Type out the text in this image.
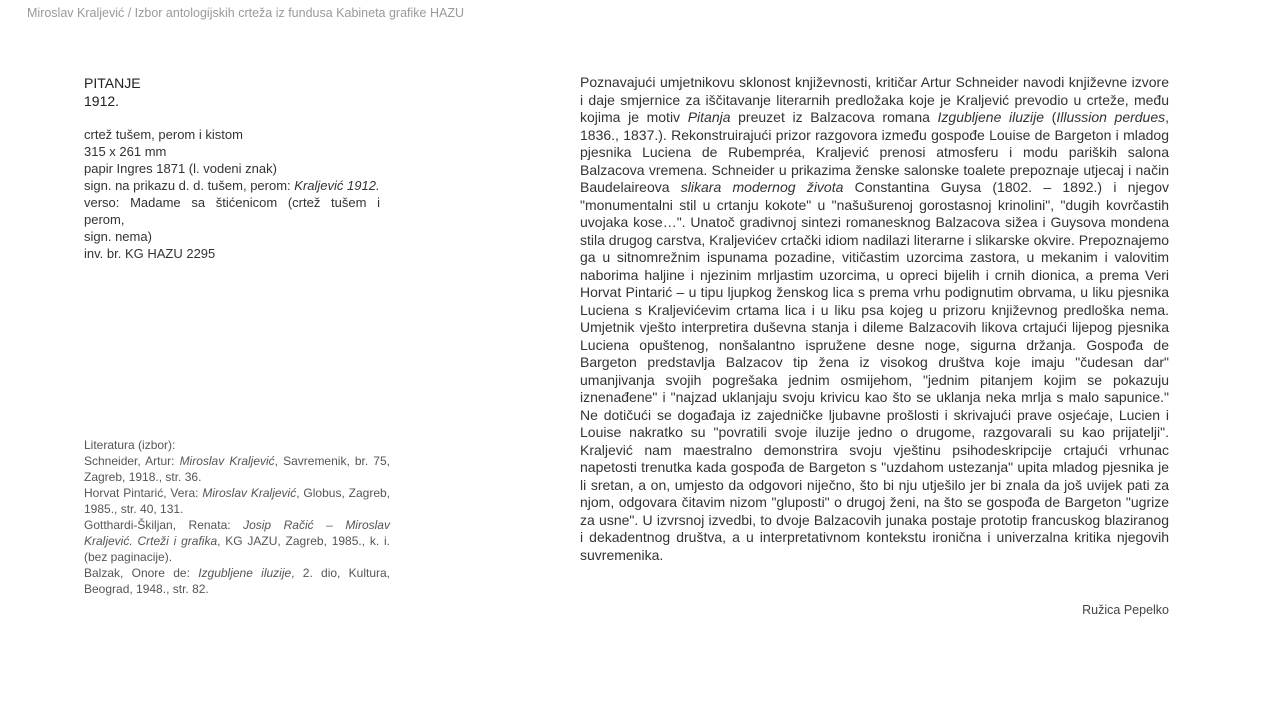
Miroslav Kraljević / Izbor antologijskih crteža iz fundusa Kabineta grafike HAZU
PITANJE
1912.
crtež tušem, perom i kistom
315 x 261 mm
papir Ingres 1871 (l. vodeni znak)
sign. na prikazu d. d. tušem, perom: Kraljević 1912.
verso: Madame sa štićenicom (crtež tušem i perom,
sign. nema)
inv. br. KG HAZU 2295
Literatura (izbor):
Schneider, Artur: Miroslav Kraljević, Savremenik, br. 75, Zagreb, 1918., str. 36.
Horvat Pintarić, Vera: Miroslav Kraljević, Globus, Zagreb, 1985., str. 40, 131.
Gotthardi-Škiljan, Renata: Josip Račić – Miroslav Kraljević. Crteži i grafika, KG JAZU, Zagreb, 1985., k. i. (bez paginacije).
Balzak, Onore de: Izgubljene iluzije, 2. dio, Kultura, Beograd, 1948., str. 82.
Poznavajući umjetnikovu sklonost književnosti, kritičar Artur Schneider navodi književne izvore i daje smjernice za iščitavanje literarnih predložaka koje je Kraljević prevodio u crteže, među kojima je motiv Pitanja preuzet iz Balzacova romana Izgubljene iluzije (Illussion perdues, 1836., 1837.). Rekonstruirajući prizor razgovora između gospođe Louise de Bargeton i mladog pjesnika Luciena de Rubempréa, Kraljević prenosi atmosferu i modu pariških salona Balzacova vremena. Schneider u prikazima ženske salonske toalete prepoznaje utjecaj i način Baudelaireova slikara modernog života Constantina Guysa (1802. – 1892.) i njegov "monumentalni stil u crtanju kokote" u "našušurenoj gorostasnoj krinolini", "dugih kovrčastih uvojaka kose…". Unatoč gradivnoj sintezi romanesknog Balzacova sižea i Guysova mondena stila drugog carstva, Kraljevićev crtački idiom nadilazi literarne i slikarske okvire. Prepoznajemo ga u sitnomrežnim ispunama pozadine, vitičastim uzorcima zastora, u mekanim i valovitim naborima haljine i njezinim mrljastim uzorcima, u opreci bijelih i crnih dionica, a prema Veri Horvat Pintarić – u tipu ljupkog ženskog lica s prema vrhu podignutim obrvama, u liku pjesnika Luciena s Kraljevićevim crtama lica i u liku psa kojeg u prizoru književnog predloška nema. Umjetnik vješto interpretira duševna stanja i dileme Balzacovih likova crtajući lijepog pjesnika Luciena opuštenog, nonšalantno ispružene desne noge, sigurna držanja. Gospođa de Bargeton predstavlja Balzacov tip žena iz visokog društva koje imaju "čudesan dar" umanjivanja svojih pogrešaka jednim osmijehom, "jednim pitanjem kojim se pokazuju iznenađene" i "najzad uklanjaju svoju krivicu kao što se uklanja neka mrlja s malo sapunice." Ne dotičući se događaja iz zajedničke ljubavne prošlosti i skrivajući prave osjećaje, Lucien i Louise nakratko su "povratili svoje iluzije jedno o drugome, razgovarali su kao prijatelji". Kraljević nam maestralno demonstrira svoju vještinu psihodeskripcije crtajući vrhunac napetosti trenutka kada gospođa de Bargeton s "uzdahom ustezanja" upita mladog pjesnika je li sretan, a on, umjesto da odgovori niječno, što bi nju utješilo jer bi znala da još uvijek pati za njom, odgovara čitavim nizom "gluposti" o drugoj ženi, na što se gospođa de Bargeton "ugrize za usne". U izvrsnoj izvedbi, to dvoje Balzacovih junaka postaje prototip francuskog blaziranog i dekadentnog društva, a u interpretativnom kontekstu ironična i univerzalna kritika njegovih suvremenika.
Ružica Pepelko
